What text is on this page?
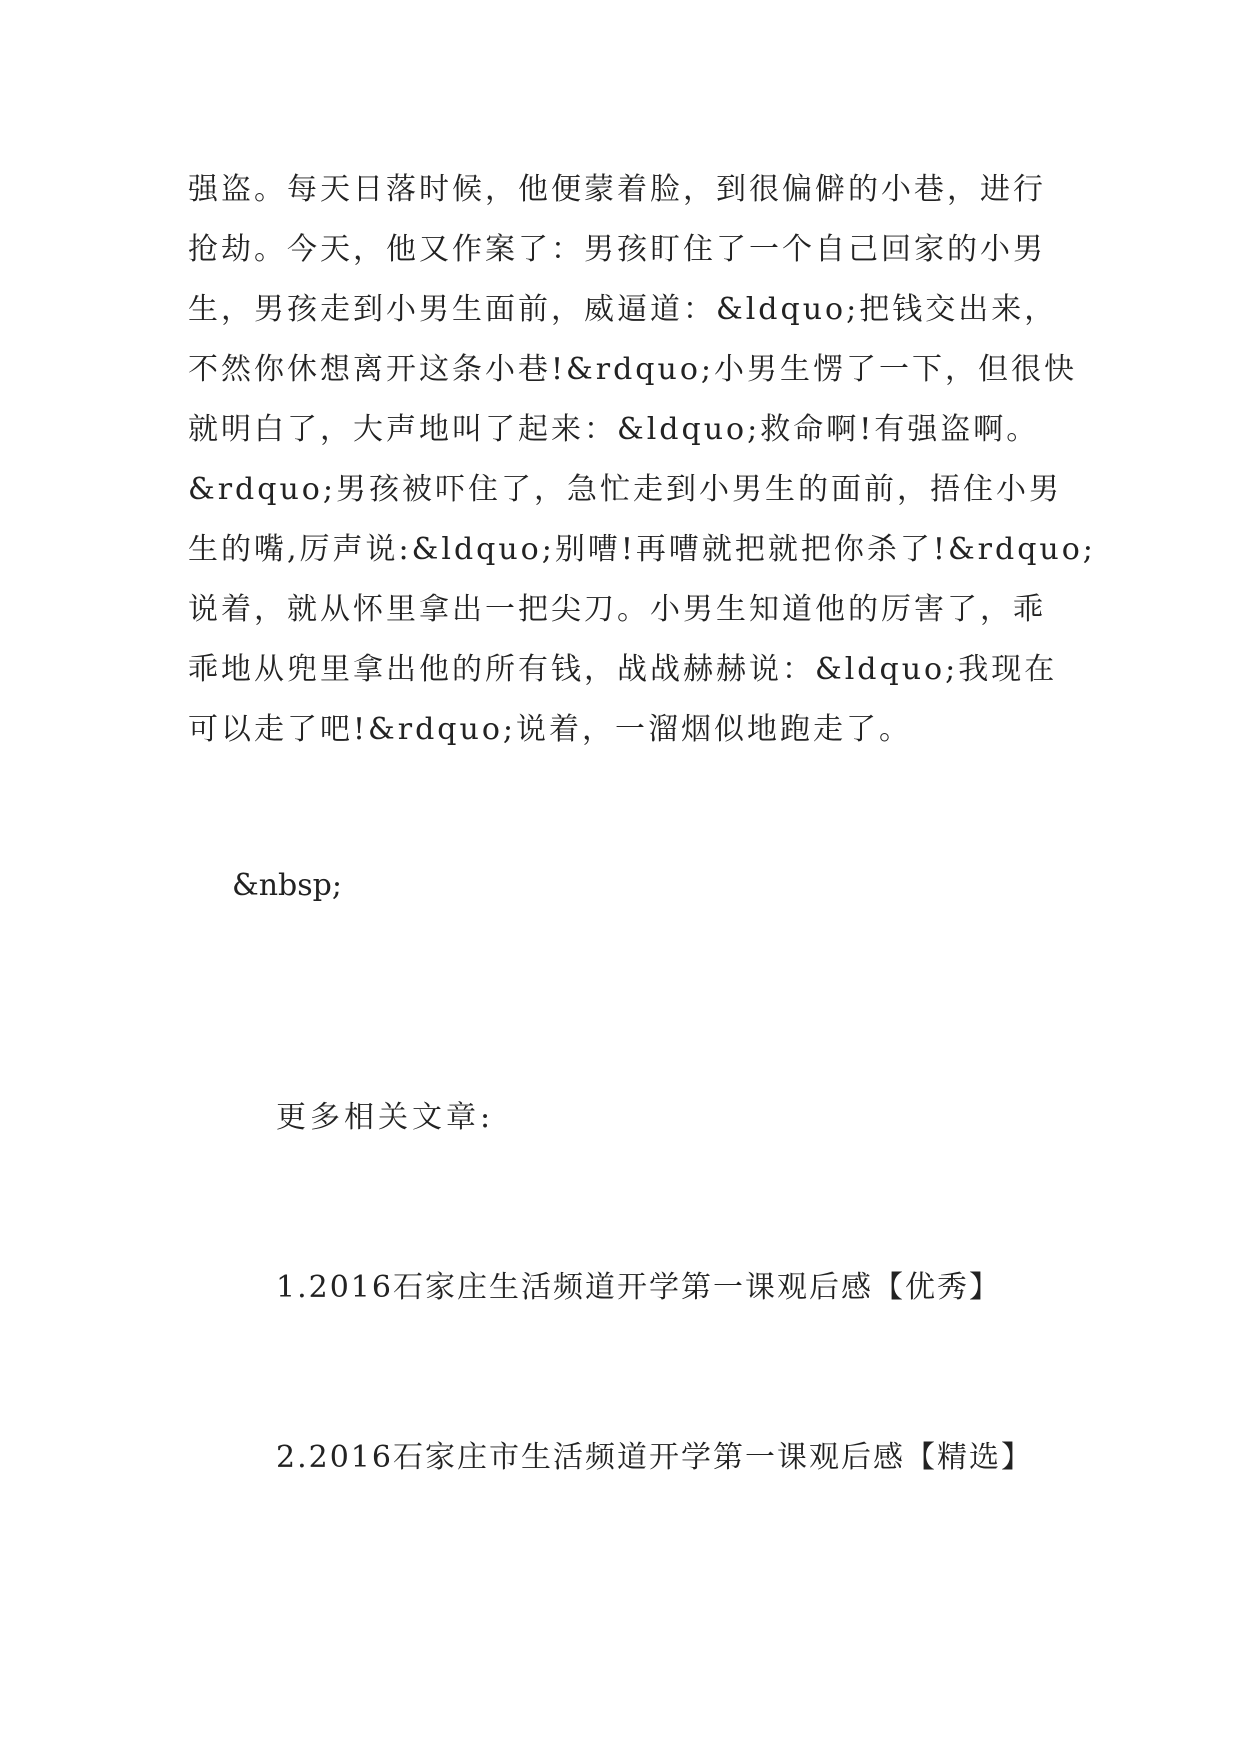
强盗。每天日落时候，他便蒙着脸，到很偏僻的小巷，进行
抢劫。今天，他又作案了：男孩盯住了一个自己回家的小男
生，男孩走到小男生面前，威逼道：&ldquo;把钱交出来，
不然你休想离开这条小巷!&rdquo;小男生愣了一下，但很快
就明白了，大声地叫了起来：&ldquo;救命啊!有强盗啊。
&rdquo;男孩被吓住了，急忙走到小男生的面前，捂住小男
生的嘴,厉声说:&ldquo;别嘈!再嘈就把就把你杀了!&rdquo;
说着，就从怀里拿出一把尖刀。小男生知道他的厉害了，乖
乖地从兜里拿出他的所有钱，战战赫赫说：&ldquo;我现在
可以走了吧!&rdquo;说着，一溜烟似地跑走了。
&nbsp;
更多相关文章:
1.2016石家庄生活频道开学第一课观后感【优秀】
2.2016石家庄市生活频道开学第一课观后感【精选】
